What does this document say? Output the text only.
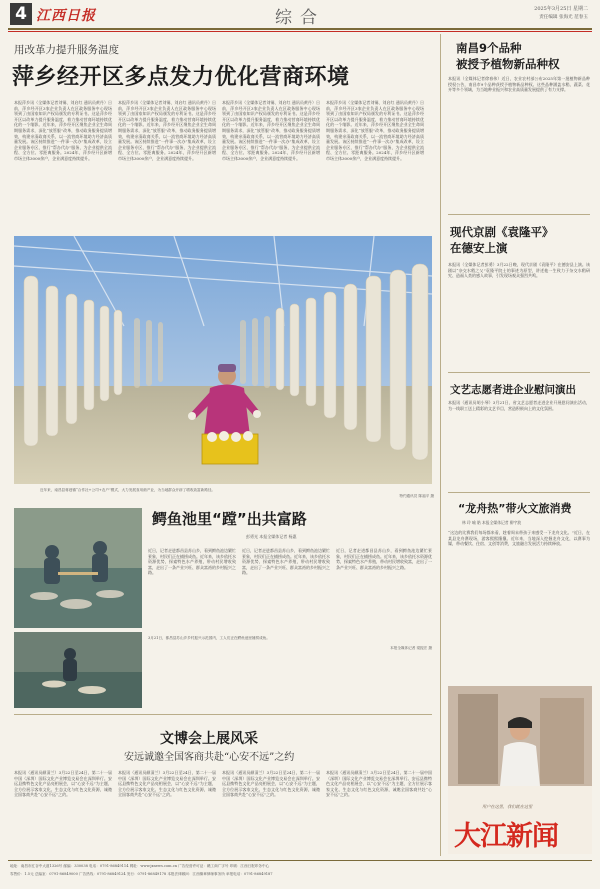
4 江西日报	综合	2025年3月25日 星期二
责任编辑 张海光 范春玉
用改革力提升服务温度
萍乡经开区多点发力优化营商环境
本报萍乡讯（全媒体记者刘铜、刘启红 通讯员黄丹）日前，萍乡经开区3家企业负责人在区政务服务中心现场领到了由国家知识产权局颁发的专利证书。这是萍乡经开区以改革力提升服务温度，着力推动营商环境持续优化的一个缩影。近年来，萍乡经开区聚焦企业全生命周期服务需求，深化“放管服”改革，推动政务服务提质增效，构建亲清政商关系，以一流营商环境助力经济高质量发展。该区持续推进“一件事一次办”集成改革，设立企业服务专区，推行“帮办代办”服务，为企业提供全流程、全方位、零距离服务。2024年，萍乡经开区新增市场主体3000余户，企业满意度持续提升。
本报萍乡讯（全媒体记者刘铜、刘启红 通讯员黄丹）日前，萍乡经开区3家企业负责人在区政务服务中心现场领到了由国家知识产权局颁发的专利证书。这是萍乡经开区以改革力提升服务温度，着力推动营商环境持续优化的一个缩影。近年来，萍乡经开区聚焦企业全生命周期服务需求，深化“放管服”改革，推动政务服务提质增效，构建亲清政商关系，以一流营商环境助力经济高质量发展。该区持续推进“一件事一次办”集成改革，设立企业服务专区，推行“帮办代办”服务，为企业提供全流程、全方位、零距离服务。2024年，萍乡经开区新增市场主体3000余户，企业满意度持续提升。
本报萍乡讯（全媒体记者刘铜、刘启红 通讯员黄丹）日前，萍乡经开区3家企业负责人在区政务服务中心现场领到了由国家知识产权局颁发的专利证书。这是萍乡经开区以改革力提升服务温度，着力推动营商环境持续优化的一个缩影。近年来，萍乡经开区聚焦企业全生命周期服务需求，深化“放管服”改革，推动政务服务提质增效，构建亲清政商关系，以一流营商环境助力经济高质量发展。该区持续推进“一件事一次办”集成改革，设立企业服务专区，推行“帮办代办”服务，为企业提供全流程、全方位、零距离服务。2024年，萍乡经开区新增市场主体3000余户，企业满意度持续提升。
本报萍乡讯（全媒体记者刘铜、刘启红 通讯员黄丹）日前，萍乡经开区3家企业负责人在区政务服务中心现场领到了由国家知识产权局颁发的专利证书。这是萍乡经开区以改革力提升服务温度，着力推动营商环境持续优化的一个缩影。近年来，萍乡经开区聚焦企业全生命周期服务需求，深化“放管服”改革，推动政务服务提质增效，构建亲清政商关系，以一流营商环境助力经济高质量发展。该区持续推进“一件事一次办”集成改革，设立企业服务专区，推行“帮办代办”服务，为企业提供全流程、全方位、零距离服务。2024年，萍乡经开区新增市场主体3000余户，企业满意度持续提升。
近年来，南昌县蒋巷镇“合作社+公司+农户”模式，大力发展食用菌产业，为当地群众开辟了增收致富新路径。
特约通讯员 陈福平 摄
鳄鱼池里“蹚”出共富路
彭勇光 本报全媒体记者 杨惠
近日，记者走进都昌县苏山乡，看到鳄鱼池边繁忙景象，村民们正在捕捞成鱼。近年来，该乡依托水资源优势，探索特色水产养殖，带动村民增收致富，走出了一条产业兴旺、群众富裕的乡村振兴之路。
近日，记者走进都昌县苏山乡，看到鳄鱼池边繁忙景象，村民们正在捕捞成鱼。近年来，该乡依托水资源优势，探索特色水产养殖，带动村民增收致富，走出了一条产业兴旺、群众富裕的乡村振兴之路。
近日，记者走进都昌县苏山乡，看到鳄鱼池边繁忙景象，村民们正在捕捞成鱼。近年来，该乡依托水资源优势，探索特色水产养殖，带动村民增收致富，走出了一条产业兴旺、群众富裕的乡村振兴之路。
3月21日，都昌县苏山乡乡村振兴示范园内，工人们正在鳄鱼池里捕捞成鱼。
本报全媒体记者 梁振宏 摄
文博会上展风采
安远诚邀全国客商共赴“心安不远”之约
本报讯（通讯员颜清兰）3月22日至24日，第二十一届中国（深圳）国际文化产业博览交易会在深圳举行。安远县携特色文化产品亮相展会，以“心安不远”为主题，全方位展示客家文化、生态文化与红色文化资源，诚邀全国客商共赴“心安不远”之约。
本报讯（通讯员颜清兰）3月22日至24日，第二十一届中国（深圳）国际文化产业博览交易会在深圳举行。安远县携特色文化产品亮相展会，以“心安不远”为主题，全方位展示客家文化、生态文化与红色文化资源，诚邀全国客商共赴“心安不远”之约。
本报讯（通讯员颜清兰）3月22日至24日，第二十一届中国（深圳）国际文化产业博览交易会在深圳举行。安远县携特色文化产品亮相展会，以“心安不远”为主题，全方位展示客家文化、生态文化与红色文化资源，诚邀全国客商共赴“心安不远”之约。
本报讯（通讯员颜清兰）3月22日至24日，第二十一届中国（深圳）国际文化产业博览交易会在深圳举行。安远县携特色文化产品亮相展会，以“心安不远”为主题，全方位展示客家文化、生态文化与红色文化资源，诚邀全国客商共赴“心安不远”之约。
南昌9个品种
被授予植物新品种权
本报讯（全媒体记者徐春伟）近日，农业农村部公布2025年第一批植物新品种授权公告，南昌市9个品种获授予植物新品种权。这些品种涵盖水稻、蔬菜、花卉等多个领域，为当地种业振兴和农业高质量发展提供了有力支撑。
现代京剧《袁隆平》
在德安上演
本报讯（全媒体记者彭勇）3月22日晚，现代京剧《袁隆平》在德安县上演。该剧以“杂交水稻之父”袁隆平院士的事迹为原型，讲述他一生致力于杂交水稻研究、造福人类的感人故事，引发现场观众强烈共鸣。
文艺志愿者进企业慰问演出
本报讯（通讯员胡小琴）3月21日，省文艺志愿者走进企业开展慰问演出活动，为一线职工送上精彩的文艺节目，营造积极向上的文化氛围。
“龙舟热”带火文旅消费
林 玲 喻 皓 本报全媒体记者 柳宇波
“这边的比赛我们每场都来看，趁着周末带孩子来感受一下龙舟文化。”近日，在某县龙舟赛现场，游客熙熙攘攘。近年来，当地深入挖掘龙舟文化，以赛事为媒，带动餐饮、住宿、文创等消费，文旅融合发展活力持续释放。
用户在这里，我们就在这里
大江新闻
地址：南昌市红谷中大道1326号 邮编：330038 电话：0791-86849114 网址：www.jxnews.com.cn 广告经营许可证：赣工商广字号 印刷：江西日报印务中心
零售价：1.5元 总编室：0791-86849000 广告热线：0791-86849124 发行：0791-86849178 本报法律顾问：江西豫章律师事务所 举报电话：0791-86849187
